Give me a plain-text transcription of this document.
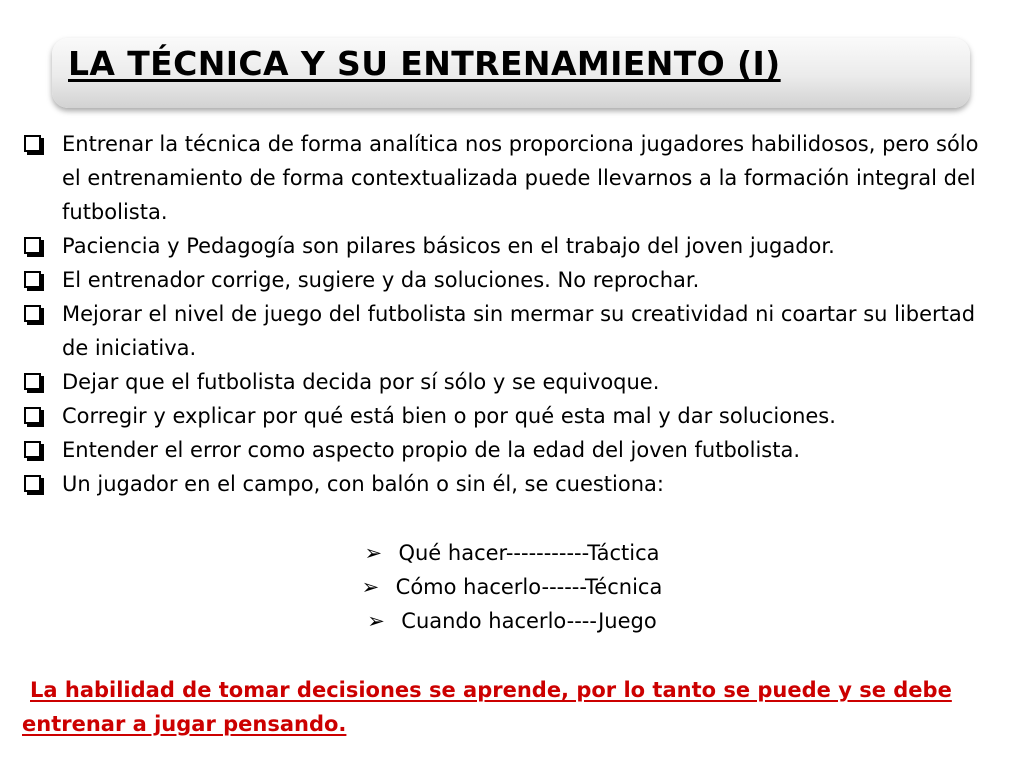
LA TÉCNICA Y SU ENTRENAMIENTO (I)
Entrenar la técnica de forma analítica nos proporciona jugadores habilidosos, pero sólo el entrenamiento de forma contextualizada puede llevarnos a la formación integral del futbolista.
Paciencia y Pedagogía son pilares básicos en el trabajo del joven jugador.
El entrenador corrige, sugiere y da soluciones. No reprochar.
Mejorar el nivel de juego del futbolista sin mermar su creatividad ni coartar su libertad de iniciativa.
Dejar que el futbolista decida por sí sólo y se equivoque.
Corregir y explicar por qué está bien o por qué esta mal y dar soluciones.
Entender el error como aspecto propio de la edad del joven futbolista.
Un jugador en el campo, con balón o sin él, se cuestiona:
➢ Qué hacer-----------Táctica
➢ Cómo hacerlo------Técnica
➢ Cuando hacerlo----Juego
La habilidad de tomar decisiones se aprende, por lo tanto se puede y se debe entrenar a jugar pensando.
